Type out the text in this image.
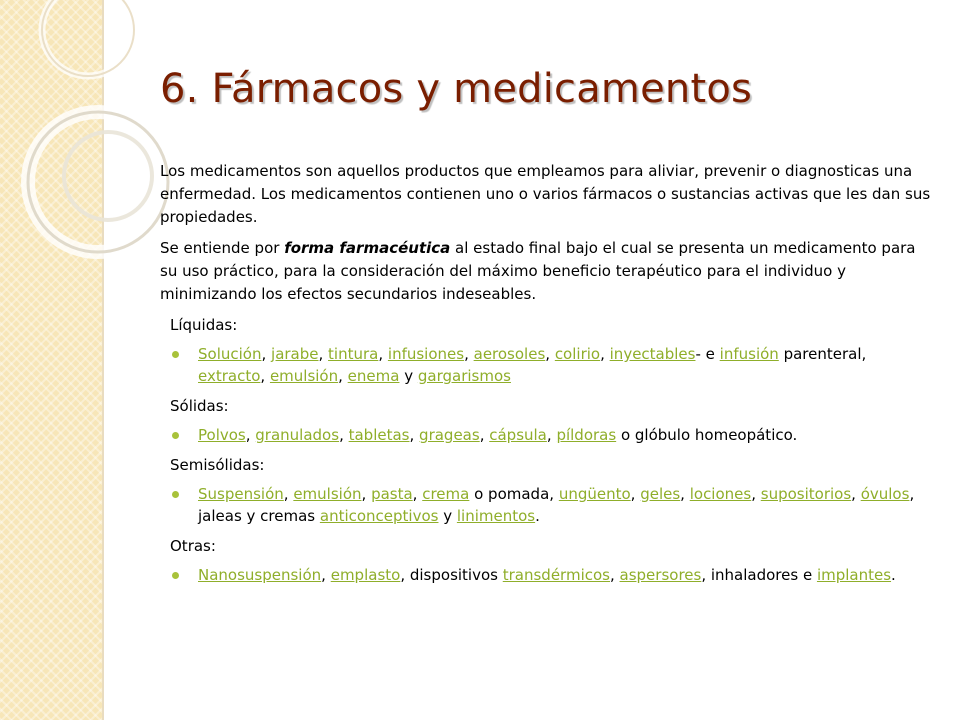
6. Fármacos y medicamentos

Los medicamentos son aquellos productos que empleamos para aliviar, prevenir o diagnosticas una enfermedad. Los medicamentos contienen uno o varios fármacos o sustancias activas que les dan sus propiedades.

Se entiende por forma farmacéutica al estado final bajo el cual se presenta un medicamento para su uso práctico, para la consideración del máximo beneficio terapéutico para el individuo y minimizando los efectos secundarios indeseables.

Líquidas:
Solución, jarabe, tintura, infusiones, aerosoles, colirio, inyectables- e infusión parenteral, extracto, emulsión, enema y gargarismos
Sólidas:
Polvos, granulados, tabletas, grageas, cápsula, píldoras o glóbulo homeopático.
Semisólidas:
Suspensión, emulsión, pasta, crema o pomada, ungüento, geles, lociones, supositorios, óvulos, jaleas y cremas anticonceptivos y linimentos.
Otras:
Nanosuspensión, emplasto, dispositivos transdérmicos, aspersores, inhaladores e implantes.
